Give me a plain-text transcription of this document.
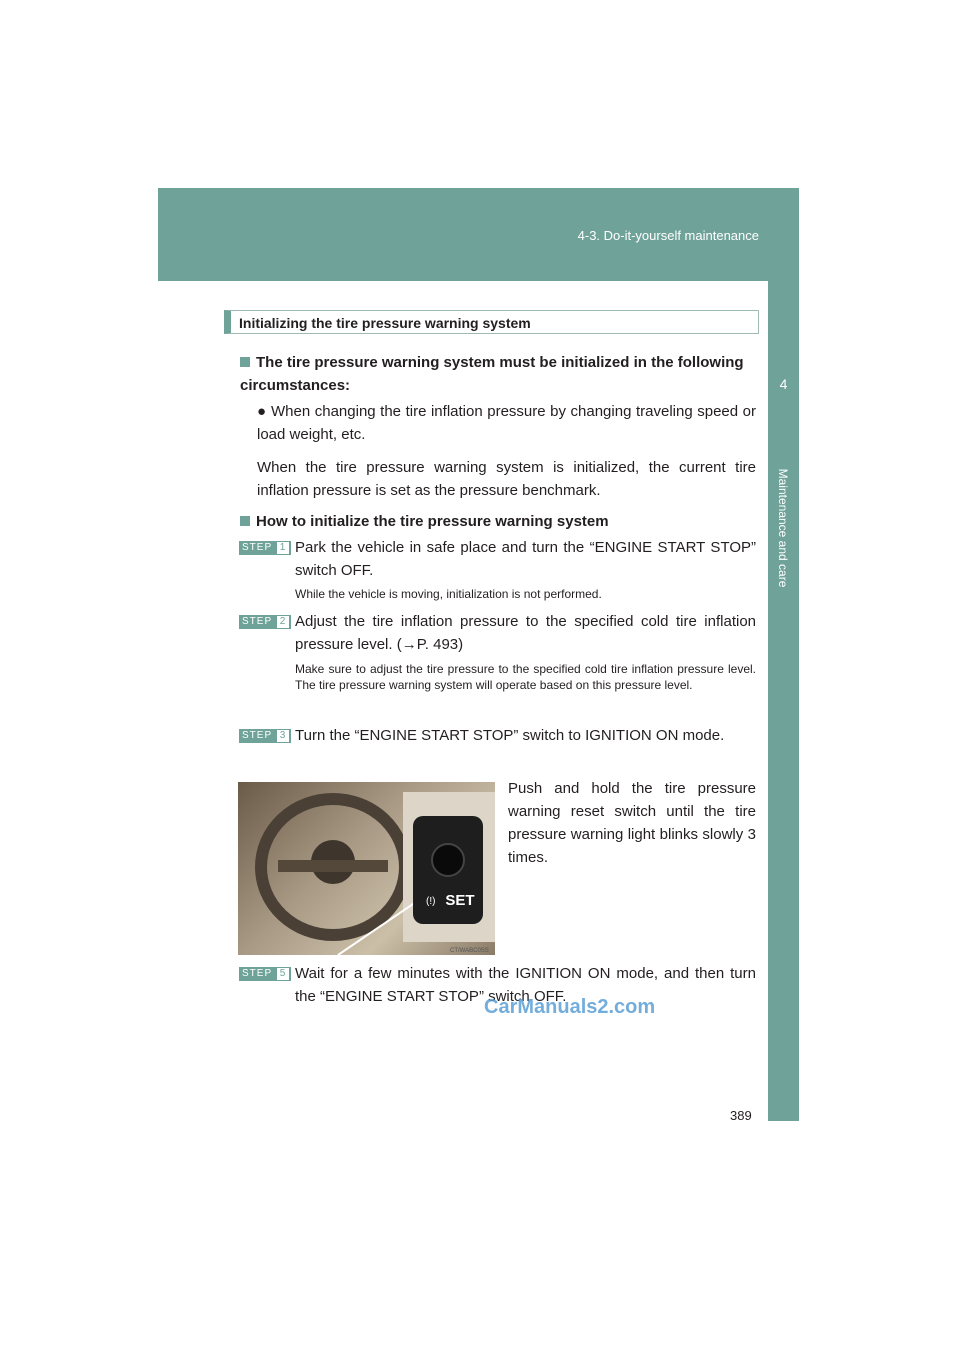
4-3. Do-it-yourself maintenance
4
Maintenance and care
Initializing the tire pressure warning system
The tire pressure warning system must be initialized in the following circumstances:
● When changing the tire inflation pressure by changing traveling speed or load weight, etc.
When the tire pressure warning system is initialized, the current tire inflation pressure is set as the pressure benchmark.
How to initialize the tire pressure warning system
STEP 1 Park the vehicle in safe place and turn the “ENGINE START STOP” switch OFF.
While the vehicle is moving, initialization is not performed.
STEP 2 Adjust the tire inflation pressure to the specified cold tire inflation pressure level. (→P. 493)
Make sure to adjust the tire pressure to the specified cold tire inflation pressure level. The tire pressure warning system will operate based on this pressure level.
STEP 3 Turn the “ENGINE START STOP” switch to IGNITION ON mode.
SET
(!)
CT/WABC0SS
Push and hold the tire pressure warning reset switch until the tire pressure warning light blinks slowly 3 times.
STEP 5 Wait for a few minutes with the IGNITION ON mode, and then turn the “ENGINE START STOP” switch OFF.
CarManuals2.com
389
